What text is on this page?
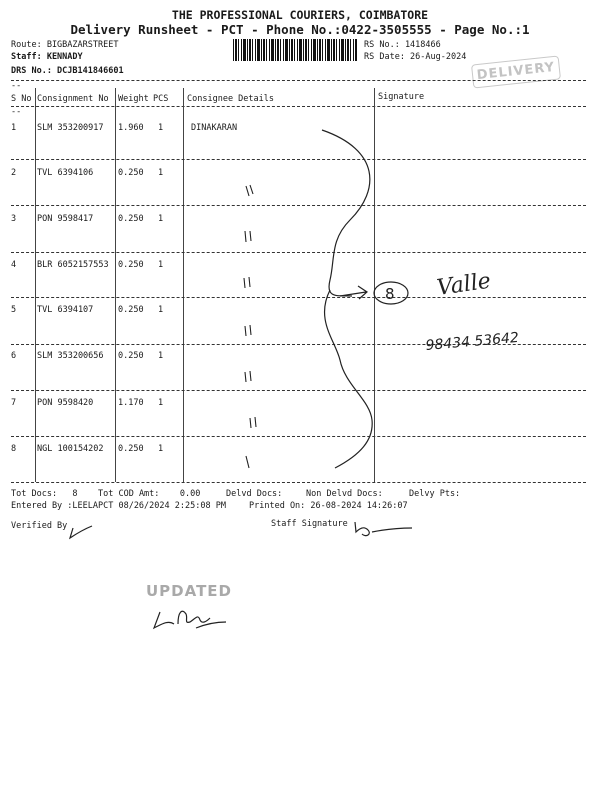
THE PROFESSIONAL COURIERS, COIMBATORE
Delivery Runsheet - PCT - Phone No.:0422-3505555 - Page No.:1
Route: BIGBAZARSTREET
Staff: KENNADY
DRS No.: DCJB141846601
RS No.: 1418466
RS Date: 26-Aug-2024
DELIVERY
--
S No Consignment No Weight PCS Consignee Details	Signature
--
1 SLM 353200917 1.960 1	DINAKARAN
2 TVL 6394106	0.250 1
3 PON 9598417	0.250 1
4 BLR 6052157553 0.250 1
5 TVL 6394107	0.250 1
6 SLM 353200656 0.250 1
7 PON 9598420	1.170 1
8 NGL 100154202 0.250 1
Tot Docs:   8 Tot COD Amt:    0.00	Delvd Docs:	Non Delvd Docs:	Delvy Pts:
Entered By :LEELAPCT 08/26/2024 2:25:08 PM	Printed On: 26-08-2024 14:26:07
Verified By	Staff Signature
UPDATED
8 Valle
98434 53642
